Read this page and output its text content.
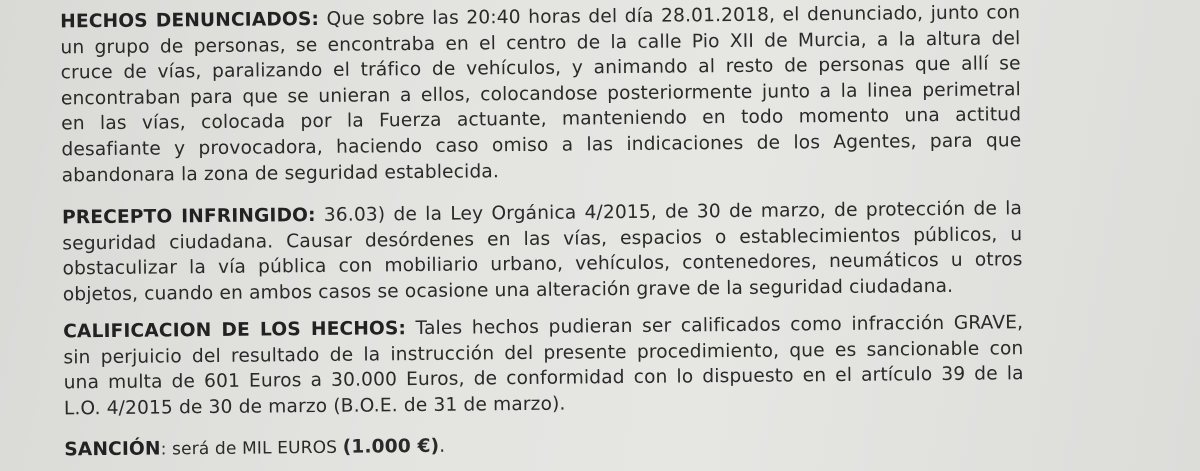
HECHOS DENUNCIADOS: Que sobre las 20:40 horas del día 28.01.2018, el denunciado, junto con
un grupo de personas, se encontraba en el centro de la calle Pio XII de Murcia, a la altura del
cruce de vías, paralizando el tráfico de vehículos, y animando al resto de personas que allí se
encontraban para que se unieran a ellos, colocandose posteriormente junto a la linea perimetral
en las vías, colocada por la Fuerza actuante, manteniendo en todo momento una actitud
desafiante y provocadora, haciendo caso omiso a las indicaciones de los Agentes, para que
abandonara la zona de seguridad establecida.
PRECEPTO INFRINGIDO: 36.03) de la Ley Orgánica 4/2015, de 30 de marzo, de protección de la
seguridad ciudadana. Causar desórdenes en las vías, espacios o establecimientos públicos, u
obstaculizar la vía pública con mobiliario urbano, vehículos, contenedores, neumáticos u otros
objetos, cuando en ambos casos se ocasione una alteración grave de la seguridad ciudadana.
CALIFICACION DE LOS HECHOS: Tales hechos pudieran ser calificados como infracción GRAVE,
sin perjuicio del resultado de la instrucción del presente procedimiento, que es sancionable con
una multa de 601 Euros a 30.000 Euros, de conformidad con lo dispuesto en el artículo 39 de la
L.O. 4/2015 de 30 de marzo (B.O.E. de 31 de marzo).
SANCIÓN: será de MIL EUROS (1.000 €).
